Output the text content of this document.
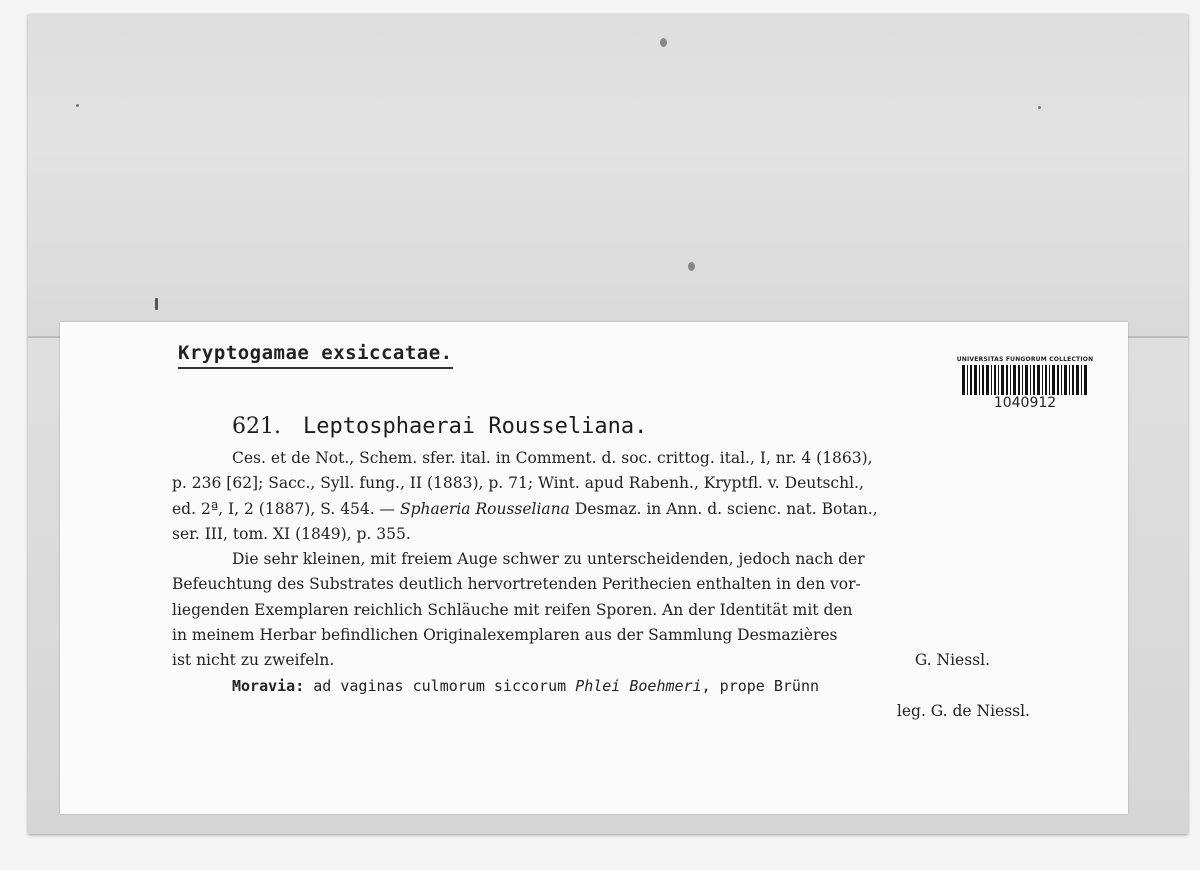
Kryptogamae exsiccatae.	UNIVERSITAS FUNGORUM COLLECTION
1040912
621. Leptosphaerai Rousseliana.
Ces. et de Not., Schem. sfer. ital. in Comment. d. soc. crittog. ital., I, nr. 4 (1863),
p. 236 [62]; Sacc., Syll. fung., II (1883), p. 71; Wint. apud Rabenh., Kryptfl. v. Deutschl.,
ed. 2ª, I, 2 (1887), S. 454. — Sphaeria Rousseliana Desmaz. in Ann. d. scienc. nat. Botan.,
ser. III, tom. XI (1849), p. 355.
Die sehr kleinen, mit freiem Auge schwer zu unterscheidenden, jedoch nach der
Befeuchtung des Substrates deutlich hervortretenden Perithecien enthalten in den vor-
liegenden Exemplaren reichlich Schläuche mit reifen Sporen. An der Identität mit den
in meinem Herbar befindlichen Originalexemplaren aus der Sammlung Desmazières
ist nicht zu zweifeln.	G. Niessl.
Moravia: ad vaginas culmorum siccorum Phlei Boehmeri, prope Brünn
leg. G. de Niessl.
